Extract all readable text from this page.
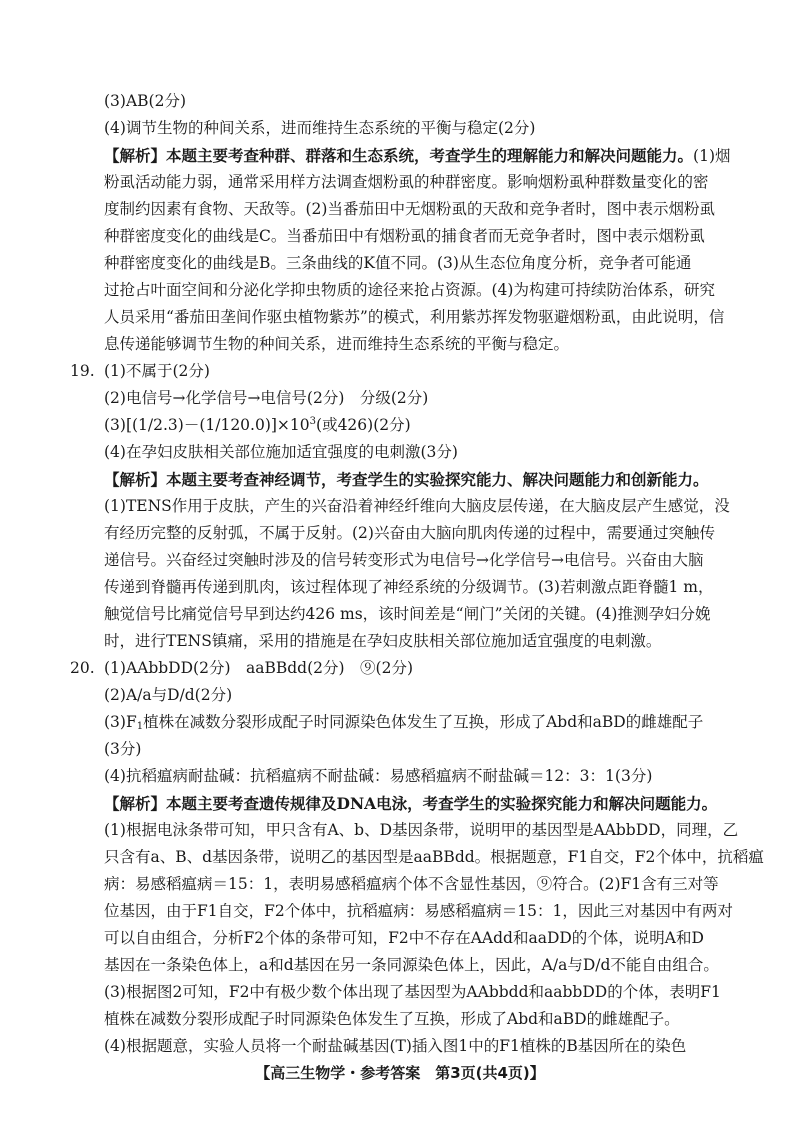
(3)AB(2分)
(4)调节生物的种间关系，进而维持生态系统的平衡与稳定(2分)
【解析】本题主要考查种群、群落和生态系统，考查学生的理解能力和解决问题能力。(1)烟
粉虱活动能力弱，通常采用样方法调查烟粉虱的种群密度。影响烟粉虱种群数量变化的密
度制约因素有食物、天敌等。(2)当番茄田中无烟粉虱的天敌和竞争者时，图中表示烟粉虱
种群密度变化的曲线是C。当番茄田中有烟粉虱的捕食者而无竞争者时，图中表示烟粉虱
种群密度变化的曲线是B。三条曲线的K值不同。(3)从生态位角度分析，竞争者可能通
过抢占叶面空间和分泌化学抑虫物质的途径来抢占资源。(4)为构建可持续防治体系，研究
人员采用“番茄田垄间作驱虫植物紫苏”的模式，利用紫苏挥发物驱避烟粉虱，由此说明，信
息传递能够调节生物的种间关系，进而维持生态系统的平衡与稳定。
19. (1)不属于(2分)
(2)电信号→化学信号→电信号(2分)　分级(2分)
$(3)[(1/2.3)-(1/120.0)]\times 10^3$(或426)(2分)
(4)在孕妇皮肤相关部位施加适宜强度的电刺激(3分)
【解析】本题主要考查神经调节，考查学生的实验探究能力、解决问题能力和创新能力。
(1)TENS作用于皮肤，产生的兴奋沿着神经纤维向大脑皮层传递，在大脑皮层产生感觉，没
有经历完整的反射弧，不属于反射。(2)兴奋由大脑向肌肉传递的过程中，需要通过突触传
递信号。兴奋经过突触时涉及的信号转变形式为电信号→化学信号→电信号。兴奋由大脑
传递到脊髓再传递到肌肉，该过程体现了神经系统的分级调节。(3)若刺激点距脊髓1 m，
触觉信号比痛觉信号早到达约426 ms，该时间差是“闸门”关闭的关键。(4)推测孕妇分娩
时，进行TENS镇痛，采用的措施是在孕妇皮肤相关部位施加适宜强度的电刺激。
20. (1)AAbbDD(2分)　aaBBdd(2分)　⑨(2分)
(2)A/a与D/d(2分)
$(3)F_1$植株在减数分裂形成配子时同源染色体发生了互换，形成了Abd和aBD的雌雄配子
(3分)
(4)抗稻瘟病耐盐碱：抗稻瘟病不耐盐碱：易感稻瘟病不耐盐碱＝12：3：1(3分)
【解析】本题主要考查遗传规律及DNA电泳，考查学生的实验探究能力和解决问题能力。
(1)根据电泳条带可知，甲只含有A、b、D基因条带，说明甲的基因型是AAbbDD，同理，乙
只含有a、B、d基因条带，说明乙的基因型是aaBBdd。根据题意，F1自交，F2个体中，抗稻瘟
病：易感稻瘟病＝15：1，表明易感稻瘟病个体不含显性基因，⑨符合。(2)F1含有三对等
位基因，由于F1自交，F2个体中，抗稻瘟病：易感稻瘟病＝15：1，因此三对基因中有两对
可以自由组合，分析F2个体的条带可知，F2中不存在AAdd和aaDD的个体，说明A和D
基因在一条染色体上，a和d基因在另一条同源染色体上，因此，A/a与D/d不能自由组合。
(3)根据图2可知，F2中有极少数个体出现了基因型为AAbbdd和aabbDD的个体，表明F1
植株在减数分裂形成配子时同源染色体发生了互换，形成了Abd和aBD的雌雄配子。
(4)根据题意，实验人员将一个耐盐碱基因(T)插入图1中的F1植株的B基因所在的染色
【高三生物学・参考答案　第3页(共4页)】
